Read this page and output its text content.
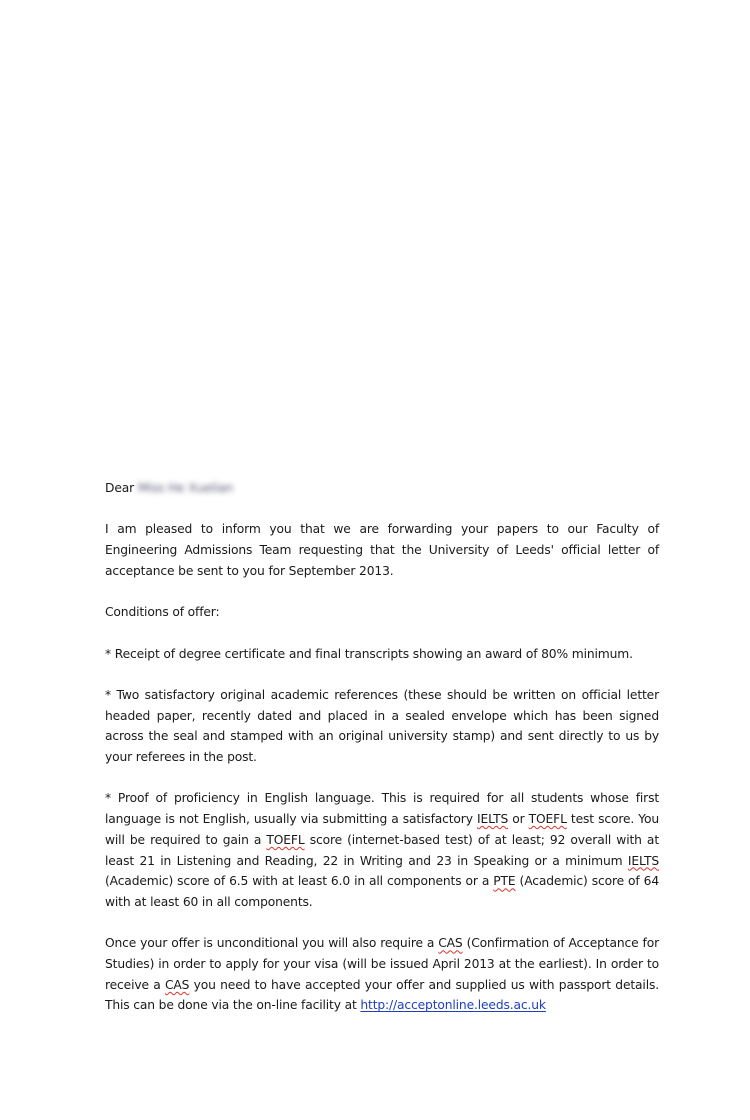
Dear Miss He Xuelian

I am pleased to inform you that we are forwarding your papers to our Faculty of Engineering Admissions Team requesting that the University of Leeds' official letter of acceptance be sent to you for September 2013.

Conditions of offer:

* Receipt of degree certificate and final transcripts showing an award of 80% minimum.

* Two satisfactory original academic references (these should be written on official letter headed paper, recently dated and placed in a sealed envelope which has been signed across the seal and stamped with an original university stamp) and sent directly to us by your referees in the post.

* Proof of proficiency in English language. This is required for all students whose first language is not English, usually via submitting a satisfactory IELTS or TOEFL test score. You will be required to gain a TOEFL score (internet-based test) of at least; 92 overall with at least 21 in Listening and Reading, 22 in Writing and 23 in Speaking or a minimum IELTS (Academic) score of 6.5 with at least 6.0 in all components or a PTE (Academic) score of 64 with at least 60 in all components.

Once your offer is unconditional you will also require a CAS (Confirmation of Acceptance for Studies) in order to apply for your visa (will be issued April 2013 at the earliest). In order to receive a CAS you need to have accepted your offer and supplied us with passport details. This can be done via the on-line facility at http://acceptonline.leeds.ac.uk
